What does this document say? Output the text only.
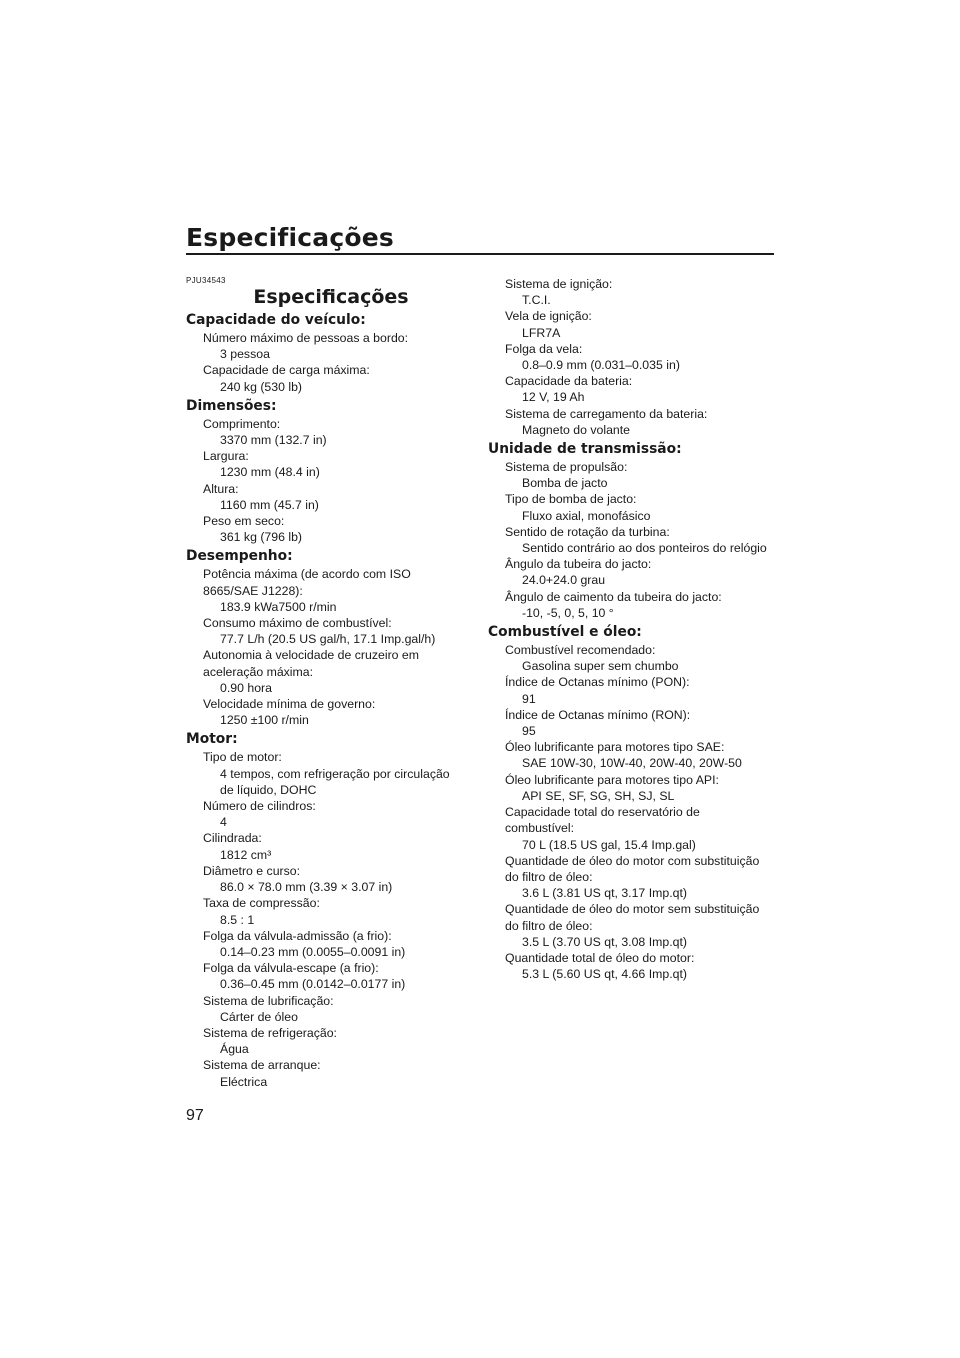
Especificações
PJU34543
Especificações
Capacidade do veículo:
Número máximo de pessoas a bordo:
3 pessoa
Capacidade de carga máxima:
240 kg (530 lb)
Dimensões:
Comprimento:
3370 mm (132.7 in)
Largura:
1230 mm (48.4 in)
Altura:
1160 mm (45.7 in)
Peso em seco:
361 kg (796 lb)
Desempenho:
Potência máxima (de acordo com ISO
8665/SAE J1228):
183.9 kWa7500 r/min
Consumo máximo de combustível:
77.7 L/h (20.5 US gal/h, 17.1 Imp.gal/h)
Autonomia à velocidade de cruzeiro em
aceleração máxima:
0.90 hora
Velocidade mínima de governo:
1250 ±100 r/min
Motor:
Tipo de motor:
4 tempos, com refrigeração por circulação
de líquido, DOHC
Número de cilindros:
4
Cilindrada:
1812 cm³
Diâmetro e curso:
86.0 × 78.0 mm (3.39 × 3.07 in)
Taxa de compressão:
8.5 : 1
Folga da válvula-admissão (a frio):
0.14–0.23 mm (0.0055–0.0091 in)
Folga da válvula-escape (a frio):
0.36–0.45 mm (0.0142–0.0177 in)
Sistema de lubrificação:
Cárter de óleo
Sistema de refrigeração:
Água
Sistema de arranque:
Eléctrica
Sistema de ignição:
T.C.I.
Vela de ignição:
LFR7A
Folga da vela:
0.8–0.9 mm (0.031–0.035 in)
Capacidade da bateria:
12 V, 19 Ah
Sistema de carregamento da bateria:
Magneto do volante
Unidade de transmissão:
Sistema de propulsão:
Bomba de jacto
Tipo de bomba de jacto:
Fluxo axial, monofásico
Sentido de rotação da turbina:
Sentido contrário ao dos ponteiros do relógio
Ângulo da tubeira do jacto:
24.0+24.0 grau
Ângulo de caimento da tubeira do jacto:
-10, -5, 0, 5, 10 °
Combustível e óleo:
Combustível recomendado:
Gasolina super sem chumbo
Índice de Octanas mínimo (PON):
91
Índice de Octanas mínimo (RON):
95
Óleo lubrificante para motores tipo SAE:
SAE 10W-30, 10W-40, 20W-40, 20W-50
Óleo lubrificante para motores tipo API:
API SE, SF, SG, SH, SJ, SL
Capacidade total do reservatório de
combustível:
70 L (18.5 US gal, 15.4 Imp.gal)
Quantidade de óleo do motor com substituição
do filtro de óleo:
3.6 L (3.81 US qt, 3.17 Imp.qt)
Quantidade de óleo do motor sem substituição
do filtro de óleo:
3.5 L (3.70 US qt, 3.08 Imp.qt)
Quantidade total de óleo do motor:
5.3 L (5.60 US qt, 4.66 Imp.qt)
97
